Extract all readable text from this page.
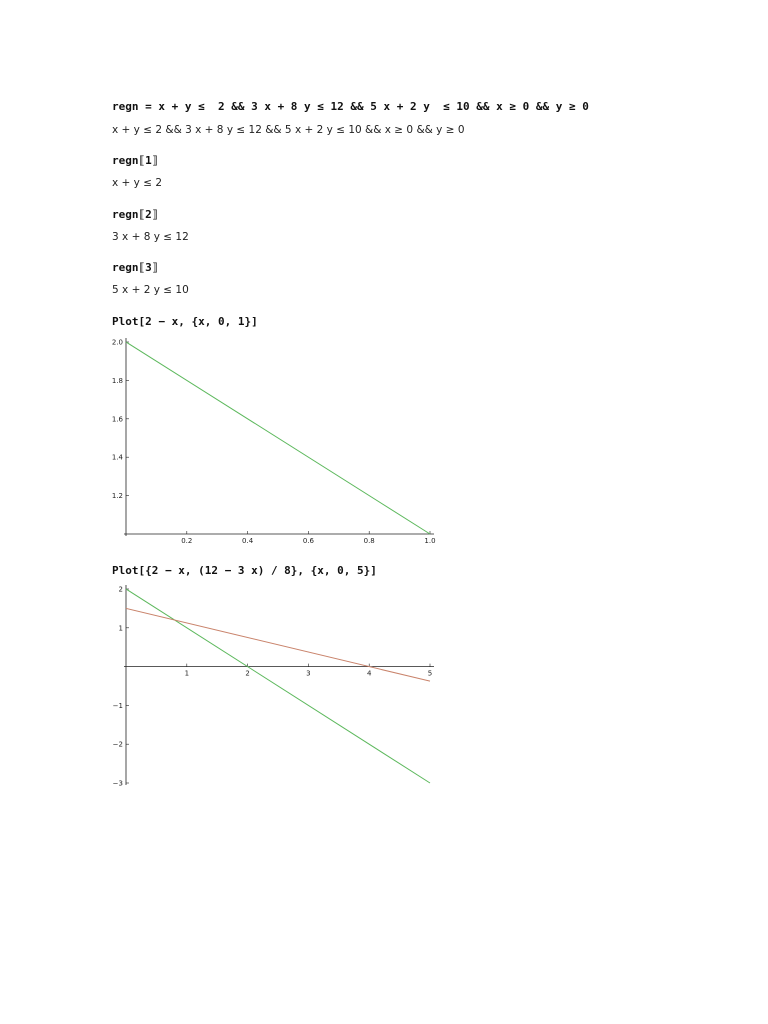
regn = x + y ≤  2 && 3 x + 8 y ≤ 12 && 5 x + 2 y  ≤ 10 && x ≥ 0 && y ≥ 0
x + y ≤ 2 && 3 x + 8 y ≤ 12 && 5 x + 2 y ≤ 10 && x ≥ 0 && y ≥ 0
regn⟦1⟧
x + y ≤ 2
regn⟦2⟧
3 x + 8 y ≤ 12
regn⟦3⟧
5 x + 2 y ≤ 10
Plot[2 − x, {x, 0, 1}]
0.2	0.4	0.6	0.8	1.0
1.2
1.4
1.6
1.8
2.0
Plot[{2 − x, (12 − 3 x) / 8}, {x, 0, 5}]
1	2	3	4	5
−3
−2
−1
1
2
